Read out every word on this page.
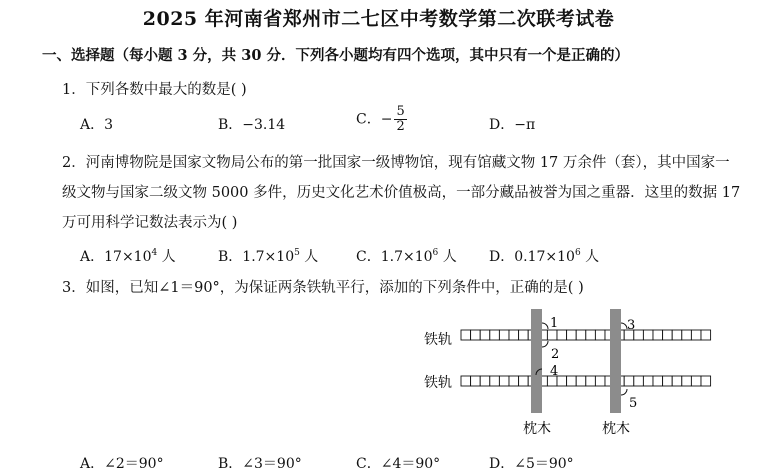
2025 年河南省郑州市二七区中考数学第二次联考试卷
一、选择题（每小题 3 分，共 30 分．下列各小题均有四个选项，其中只有一个是正确的）
1．下列各数中最大的数是( )
A．3	B．−3.14	C．− $\frac{5}{2}$	D．−π
2．河南博物院是国家文物局公布的第一批国家一级博物馆，现有馆藏文物 17 万余件（套），其中国家一
级文物与国家二级文物 5000 多件，历史文化艺术价值极高，一部分藏品被誉为国之重器．这里的数据 17
万可用科学记数法表示为( )
A．$17\times 10^4$ 人	B．$1.7\times 10^5$ 人	C．$1.7\times 10^6$ 人 D．$0.17\times 10^6$ 人
3．如图，已知∠1＝90°，为保证两条铁轨平行，添加的下列条件中，正确的是( )
1
2
3
4
5
铁轨
铁轨
枕木	枕木
A．∠2＝90°	B．∠3＝90°	C．∠4＝90°	D．∠5＝90°
